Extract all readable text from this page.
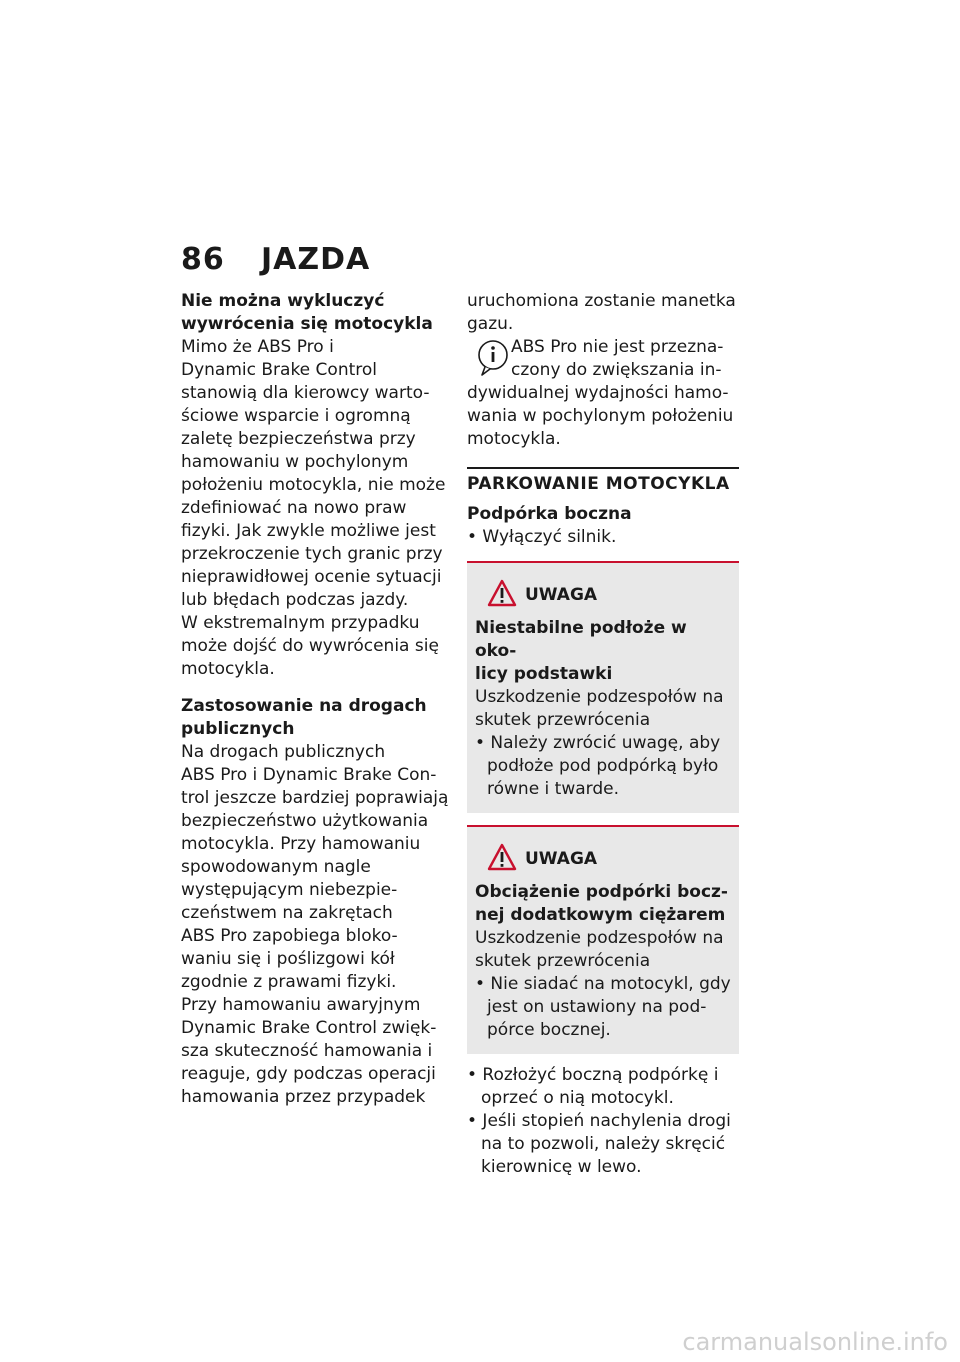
86 JAZDA
Nie można wykluczyć
wywrócenia się motocykla
Mimo że ABS Pro i
Dynamic Brake Control
stanowią dla kierowcy warto-
ściowe wsparcie i ogromną
zaletę bezpieczeństwa przy
hamowaniu w pochylonym
położeniu motocykla, nie może
zdefiniować na nowo praw
fizyki. Jak zwykle możliwe jest
przekroczenie tych granic przy
nieprawidłowej ocenie sytuacji
lub błędach podczas jazdy.
W ekstremalnym przypadku
może dojść do wywrócenia się
motocykla.
Zastosowanie na drogach
publicznych
Na drogach publicznych
ABS Pro i Dynamic Brake Con-
trol jeszcze bardziej poprawiają
bezpieczeństwo użytkowania
motocykla. Przy hamowaniu
spowodowanym nagle
występującym niebezpie-
czeństwem na zakrętach
ABS Pro zapobiega bloko-
waniu się i poślizgowi kół
zgodnie z prawami fizyki.
Przy hamowaniu awaryjnym
Dynamic Brake Control zwięk-
sza skuteczność hamowania i
reaguje, gdy podczas operacji
hamowania przez przypadek
uruchomiona zostanie manetka
gazu.
ABS Pro nie jest przezna-
czony do zwiększania in-
dywidualnej wydajności hamo-
wania w pochylonym położeniu
motocykla.
PARKOWANIE MOTOCYKLA
Podpórka boczna
• Wyłączyć silnik.
UWAGA
Niestabilne podłoże w oko-
licy podstawki
Uszkodzenie podzespołów na
skutek przewrócenia
• Należy zwrócić uwagę, aby
podłoże pod podpórką było
równe i twarde.
UWAGA
Obciążenie podpórki bocz-
nej dodatkowym ciężarem
Uszkodzenie podzespołów na
skutek przewrócenia
• Nie siadać na motocykl, gdy
jest on ustawiony na pod-
pórce bocznej.
• Rozłożyć boczną podpórkę i
oprzeć o nią motocykl.
• Jeśli stopień nachylenia drogi
na to pozwoli, należy skręcić
kierownicę w lewo.
carmanualsonline.info
